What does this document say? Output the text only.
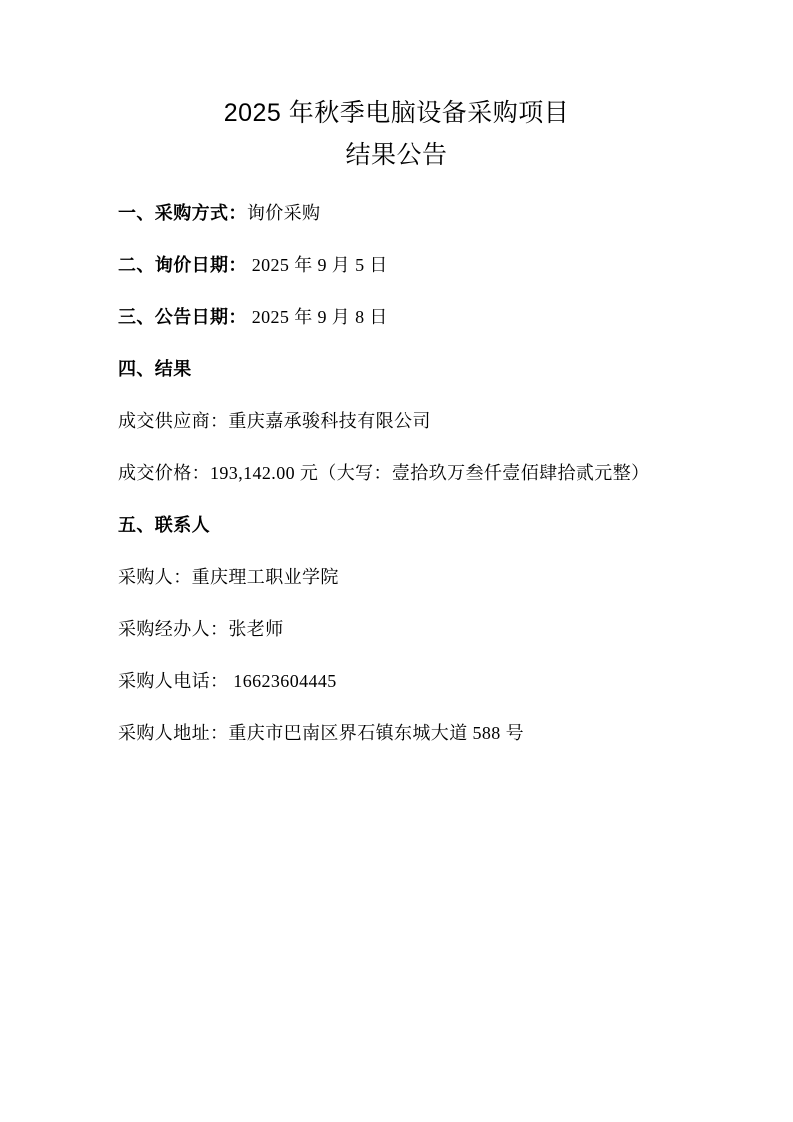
2025 年秋季电脑设备采购项目
结果公告

一、采购方式：询价采购

二、询价日期： 2025 年 9 月 5 日

三、公告日期： 2025 年 9 月 8 日

四、结果

成交供应商：重庆嘉承骏科技有限公司

成交价格：193,142.00 元（大写：壹拾玖万叁仟壹佰肆拾贰元整）

五、联系人

采购人：重庆理工职业学院

采购经办人：张老师

采购人电话： 16623604445

采购人地址：重庆市巴南区界石镇东城大道 588 号
